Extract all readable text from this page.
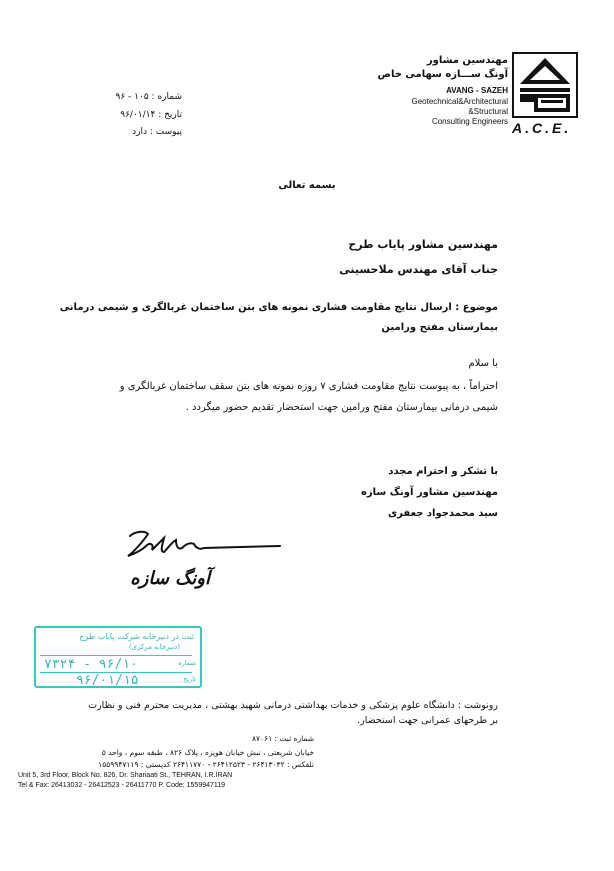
A.C.E.
مهندسین مشاور
آونگ ســـازه سهامی خاص
AVANG - SAZEH
Geotechnical&Architectural
&Structural
Consulting Engineers
شماره : ۱۰۵ - ۹۶
تاریخ : ۹۶/۰۱/۱۴
پیوست : دارد
بسمه تعالی
مهندسین مشاور پایاب طرح
جناب آقای مهندس ملاحسینی
موضوع : ارسال نتایج مقاومت فشاری نمونه های بتن ساختمان غربالگری و شیمی درمانی
بیمارستان مفتح ورامین
با سلام
احتراماً ، به پیوست نتایج مقاومت فشاری ۷ روزه نمونه های بتن سقف ساختمان غربالگری و
شیمی درمانی بیمارستان مفتح ورامین جهت استحضار تقدیم حضور میگردد .
با تشکر و احترام مجدد
مهندسین مشاور آونگ سازه
سید محمدجواد جعفری
آونگ سازه
ثبت در دبیرخانه شرکت پایاب طرح
(دبیرخانه مرکزی)
شماره
۷۳۲۴ - ۹۶/۱۰
تاریخ
۹۶/۰۱/۱۵
رونوشت : دانشگاه علوم پزشکی و خدمات بهداشتی درمانی شهید بهشتی ، مدیریت محترم فنی و نظارت
بر طرحهای عمرانی جهت استحضار.
شماره ثبت : ۸۷۰۶۱
خیابان شریعتی ، نبش خیابان هویزه ، پلاک ۸۲۶ ، طبقه سوم ، واحد ۵
تلفکس : ۲۶۴۱۳۰۳۲ - ۲۶۴۱۲۵۲۳ - ۲۶۴۱۱۷۷۰ کدپستی : ۱۵۵۹۹۴۷۱۱۹
Unit 5, 3rd Floor, Block No. 826, Dr. Shariaati St., TEHRAN, I.R.IRAN
Tel & Fax: 26413032 - 26412523 - 26411770 P. Code: 1559947119
